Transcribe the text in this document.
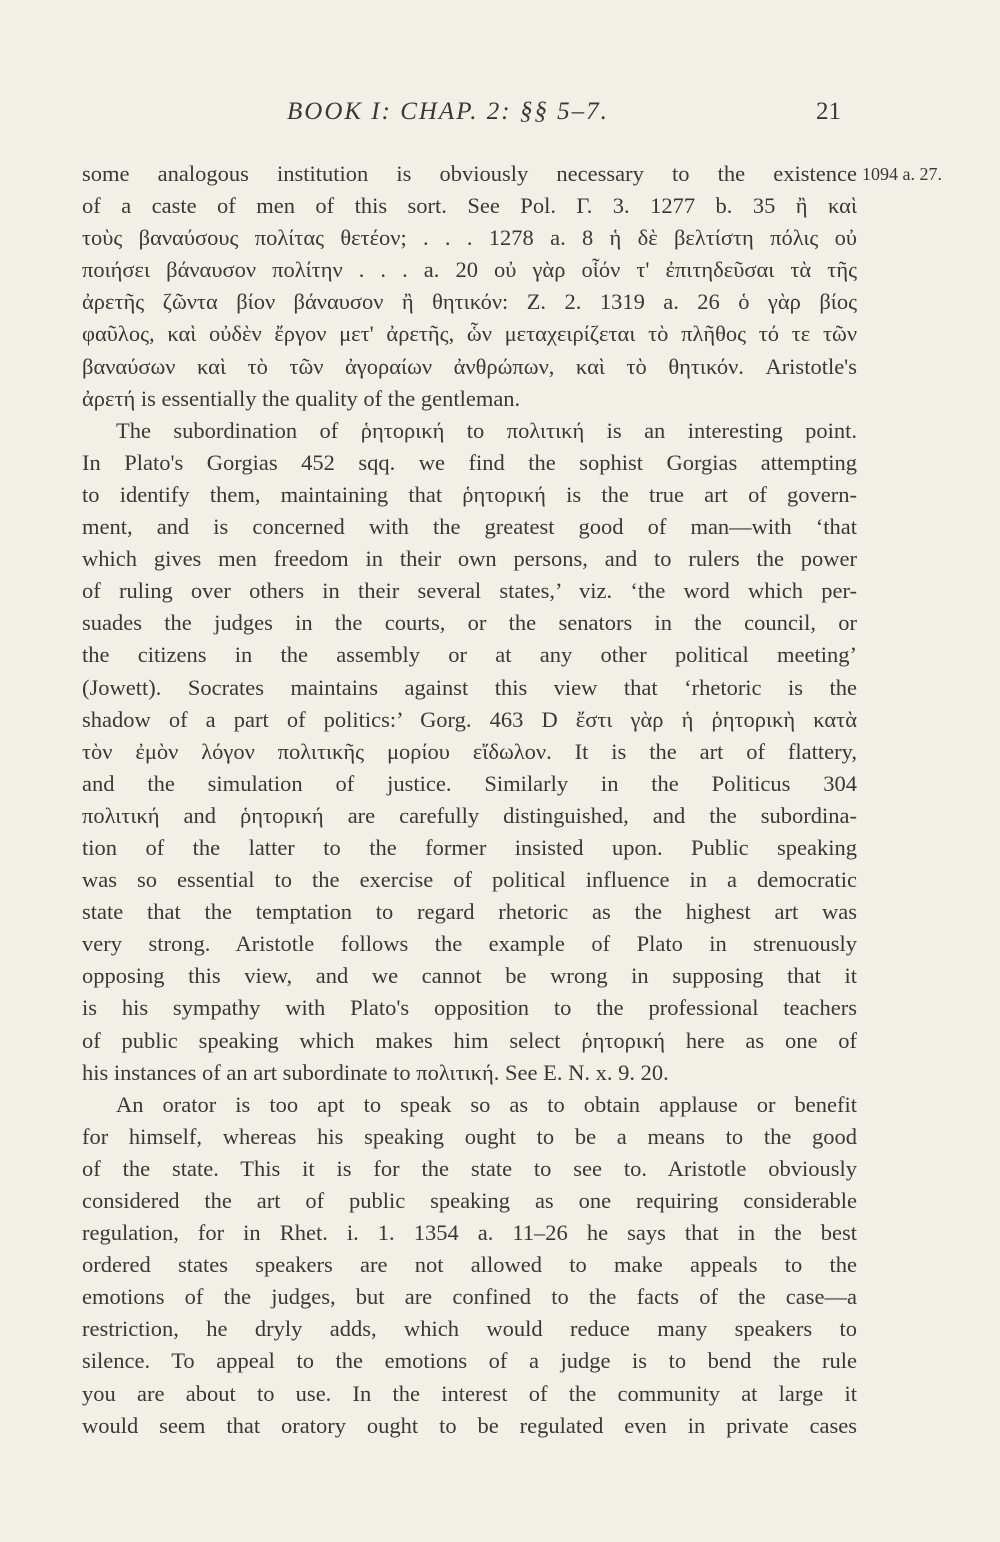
BOOK I: CHAP. 2: §§ 5–7.	21
1094 a. 27.
some analogous institution is obviously necessary to the existence
of a caste of men of this sort. See Pol. Γ. 3. 1277 b. 35 ἢ καὶ
τοὺς βαναύσους πολίτας θετέον; . . . 1278 a. 8 ἡ δὲ βελτίστη πόλις οὐ
ποιήσει βάναυσον πολίτην . . . a. 20 οὐ γὰρ οἷόν τ' ἐπιτηδεῦσαι τὰ τῆς
ἀρετῆς ζῶντα βίον βάναυσον ἢ θητικόν: Z. 2. 1319 a. 26 ὁ γὰρ βίος
φαῦλος, καὶ οὐδὲν ἔργον μετ' ἀρετῆς, ὧν μεταχειρίζεται τὸ πλῆθος τό τε τῶν
βαναύσων καὶ τὸ τῶν ἀγοραίων ἀνθρώπων, καὶ τὸ θητικόν. Aristotle's
ἀρετή is essentially the quality of the gentleman.
The subordination of ῥητορική to πολιτική is an interesting point.
In Plato's Gorgias 452 sqq. we find the sophist Gorgias attempting
to identify them, maintaining that ῥητορική is the true art of govern-
ment, and is concerned with the greatest good of man—with ‘that
which gives men freedom in their own persons, and to rulers the power
of ruling over others in their several states,’ viz. ‘the word which per-
suades the judges in the courts, or the senators in the council, or
the citizens in the assembly or at any other political meeting’
(Jowett). Socrates maintains against this view that ‘rhetoric is the
shadow of a part of politics:’ Gorg. 463 D ἔστι γὰρ ἡ ῥητορικὴ κατὰ
τὸν ἐμὸν λόγον πολιτικῆς μορίου εἴδωλον. It is the art of flattery,
and the simulation of justice. Similarly in the Politicus 304
πολιτική and ῥητορική are carefully distinguished, and the subordina-
tion of the latter to the former insisted upon. Public speaking
was so essential to the exercise of political influence in a democratic
state that the temptation to regard rhetoric as the highest art was
very strong. Aristotle follows the example of Plato in strenuously
opposing this view, and we cannot be wrong in supposing that it
is his sympathy with Plato's opposition to the professional teachers
of public speaking which makes him select ῥητορική here as one of
his instances of an art subordinate to πολιτική. See E. N. x. 9. 20.
An orator is too apt to speak so as to obtain applause or benefit
for himself, whereas his speaking ought to be a means to the good
of the state. This it is for the state to see to. Aristotle obviously
considered the art of public speaking as one requiring considerable
regulation, for in Rhet. i. 1. 1354 a. 11–26 he says that in the best
ordered states speakers are not allowed to make appeals to the
emotions of the judges, but are confined to the facts of the case—a
restriction, he dryly adds, which would reduce many speakers to
silence. To appeal to the emotions of a judge is to bend the rule
you are about to use. In the interest of the community at large it
would seem that oratory ought to be regulated even in private cases
